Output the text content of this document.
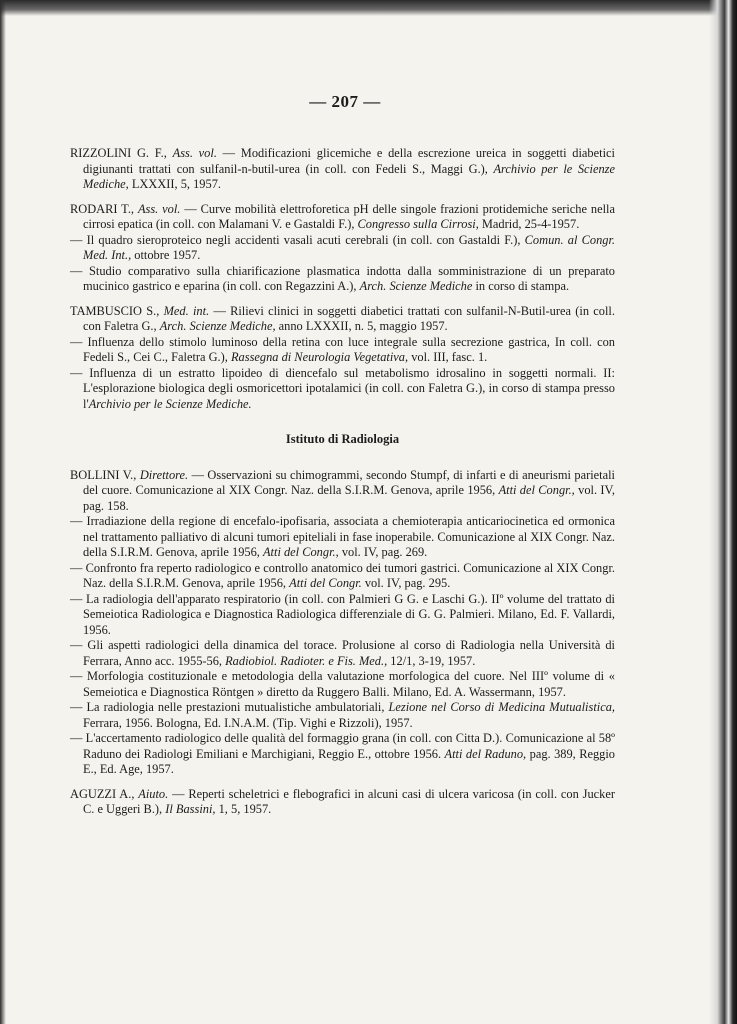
— 207 —

RIZZOLINI G. F., Ass. vol. — Modificazioni glicemiche e della escrezione ureica in soggetti diabetici digiunanti trattati con sulfanil-n-butil-urea (in coll. con Fedeli S., Maggi G.), Archivio per le Scienze Mediche, LXXXII, 5, 1957.

RODARI T., Ass. vol. — Curve mobilità elettroforetica pH delle singole frazioni protidemiche seriche nella cirrosi epatica (in coll. con Malamani V. e Gastaldi F.), Congresso sulla Cirrosi, Madrid, 25-4-1957.

— Il quadro sieroproteico negli accidenti vasali acuti cerebrali (in coll. con Gastaldi F.), Comun. al Congr. Med. Int., ottobre 1957.

— Studio comparativo sulla chiarificazione plasmatica indotta dalla somministrazione di un preparato mucinico gastrico e eparina (in coll. con Regazzini A.), Arch. Scienze Mediche in corso di stampa.

TAMBUSCIO S., Med. int. — Rilievi clinici in soggetti diabetici trattati con sulfanil-N-Butil-urea (in coll. con Faletra G., Arch. Scienze Mediche, anno LXXXII, n. 5, maggio 1957.

— Influenza dello stimolo luminoso della retina con luce integrale sulla secrezione gastrica, In coll. con Fedeli S., Cei C., Faletra G.), Rassegna di Neurologia Vegetativa, vol. III, fasc. 1.

— Influenza di un estratto lipoideo di diencefalo sul metabolismo idrosalino in soggetti normali. II: L'esplorazione biologica degli osmoricettori ipotalamici (in coll. con Faletra G.), in corso di stampa presso l'Archivio per le Scienze Mediche.

Istituto di Radiologia

BOLLINI V., Direttore. — Osservazioni su chimogrammi, secondo Stumpf, di infarti e di aneurismi parietali del cuore. Comunicazione al XIX Congr. Naz. della S.I.R.M. Genova, aprile 1956, Atti del Congr., vol. IV, pag. 158.

— Irradiazione della regione di encefalo-ipofisaria, associata a chemioterapia anticariocinetica ed ormonica nel trattamento palliativo di alcuni tumori epiteliali in fase inoperabile. Comunicazione al XIX Congr. Naz. della S.I.R.M. Genova, aprile 1956, Atti del Congr., vol. IV, pag. 269.

— Confronto fra reperto radiologico e controllo anatomico dei tumori gastrici. Comunicazione al XIX Congr. Naz. della S.I.R.M. Genova, aprile 1956, Atti del Congr. vol. IV, pag. 295.

— La radiologia dell'apparato respiratorio (in coll. con Palmieri G G. e Laschi G.). IIº volume del trattato di Semeiotica Radiologica e Diagnostica Radiologica differenziale di G. G. Palmieri. Milano, Ed. F. Vallardi, 1956.

— Gli aspetti radiologici della dinamica del torace. Prolusione al corso di Radiologia nella Università di Ferrara, Anno acc. 1955-56, Radiobiol. Radioter. e Fis. Med., 12/1, 3-19, 1957.

— Morfologia costituzionale e metodologia della valutazione morfologica del cuore. Nel IIIº volume di « Semeiotica e Diagnostica Röntgen » diretto da Ruggero Balli. Milano, Ed. A. Wassermann, 1957.

— La radiologia nelle prestazioni mutualistiche ambulatoriali, Lezione nel Corso di Medicina Mutualistica, Ferrara, 1956. Bologna, Ed. I.N.A.M. (Tip. Vighi e Rizzoli), 1957.

— L'accertamento radiologico delle qualità del formaggio grana (in coll. con Citta D.). Comunicazione al 58º Raduno dei Radiologi Emiliani e Marchigiani, Reggio E., ottobre 1956. Atti del Raduno, pag. 389, Reggio E., Ed. Age, 1957.

AGUZZI A., Aiuto. — Reperti scheletrici e flebografici in alcuni casi di ulcera varicosa (in coll. con Jucker C. e Uggeri B.), Il Bassini, 1, 5, 1957.
